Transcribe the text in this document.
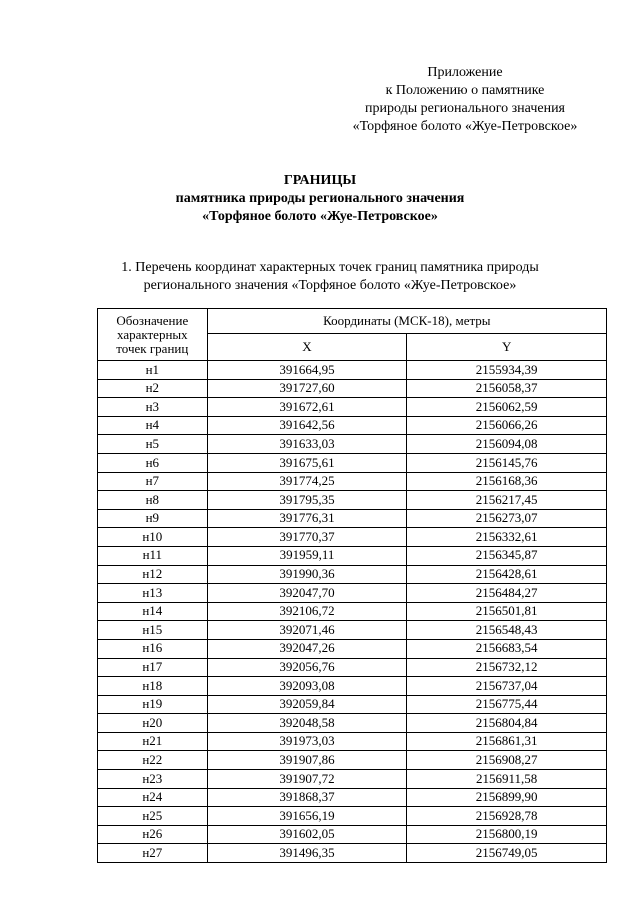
Приложение
к Положению о памятнике
природы регионального значения
«Торфяное болото «Жуе-Петровское»
ГРАНИЦЫ
памятника природы регионального значения
«Торфяное болото «Жуе-Петровское»
1. Перечень координат характерных точек границ памятника природы
регионального значения «Торфяное болото «Жуе-Петровское»
Обозначение
характерных
точек границ	Координаты (МСК-18), метры	
	X	Y
н1	391664,95	2155934,39
н2	391727,60	2156058,37
н3	391672,61	2156062,59
н4	391642,56	2156066,26
н5	391633,03	2156094,08
н6	391675,61	2156145,76
н7	391774,25	2156168,36
н8	391795,35	2156217,45
н9	391776,31	2156273,07
н10	391770,37	2156332,61
н11	391959,11	2156345,87
н12	391990,36	2156428,61
н13	392047,70	2156484,27
н14	392106,72	2156501,81
н15	392071,46	2156548,43
н16	392047,26	2156683,54
н17	392056,76	2156732,12
н18	392093,08	2156737,04
н19	392059,84	2156775,44
н20	392048,58	2156804,84
н21	391973,03	2156861,31
н22	391907,86	2156908,27
н23	391907,72	2156911,58
н24	391868,37	2156899,90
н25	391656,19	2156928,78
н26	391602,05	2156800,19
н27	391496,35	2156749,05
